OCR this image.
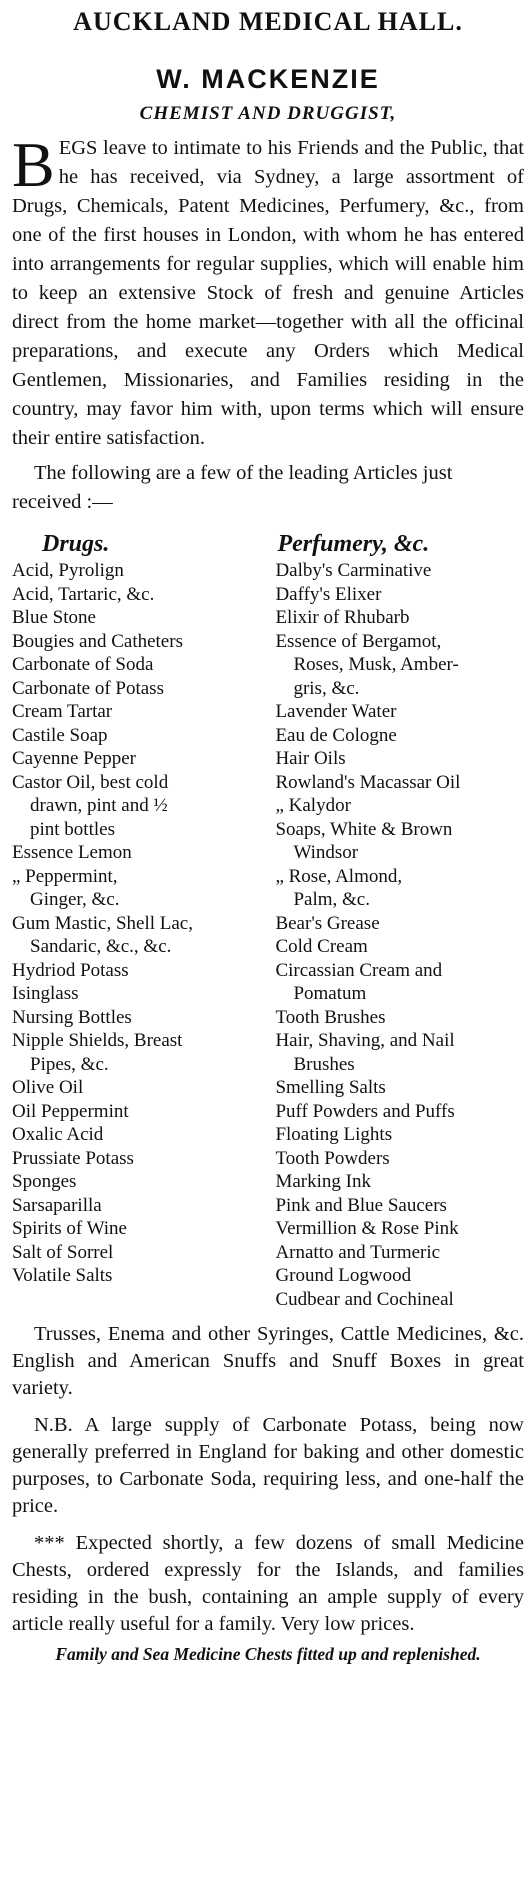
AUCKLAND MEDICAL HALL.
W. MACKENZIE
CHEMIST AND DRUGGIST,

BEGS leave to intimate to his Friends and the Public, that he has received, via Sydney, a large assortment of Drugs, Chemicals, Patent Medicines, Perfumery, &c., from one of the first houses in London, with whom he has entered into arrangements for regular supplies, which will enable him to keep an extensive Stock of fresh and genuine Articles direct from the home market—together with all the officinal preparations, and execute any Orders which Medical Gentlemen, Missionaries, and Families residing in the country, may favor him with, upon terms which will ensure their entire satisfaction.

The following are a few of the leading Articles just received :—

Drugs.
Acid, Pyrolign
Acid, Tartaric, &c.
Blue Stone
Bougies and Catheters
Carbonate of Soda
Carbonate of Potass
Cream Tartar
Castile Soap
Cayenne Pepper
Castor Oil, best cold
drawn, pint and ½
pint bottles
Essence Lemon
„ Peppermint,
Ginger, &c.
Gum Mastic, Shell Lac,
Sandaric, &c., &c.
Hydriod Potass
Isinglass
Nursing Bottles
Nipple Shields, Breast
Pipes, &c.
Olive Oil
Oil Peppermint
Oxalic Acid
Prussiate Potass
Sponges
Sarsaparilla
Spirits of Wine
Salt of Sorrel
Volatile Salts
Perfumery, &c.
Dalby's Carminative
Daffy's Elixer
Elixir of Rhubarb
Essence of Bergamot,
Roses, Musk, Amber-
gris, &c.
Lavender Water
Eau de Cologne
Hair Oils
Rowland's Macassar Oil
„ Kalydor
Soaps, White & Brown
Windsor
„ Rose, Almond,
Palm, &c.
Bear's Grease
Cold Cream
Circassian Cream and
Pomatum
Tooth Brushes
Hair, Shaving, and Nail
Brushes
Smelling Salts
Puff Powders and Puffs
Floating Lights
Tooth Powders
Marking Ink
Pink and Blue Saucers
Vermillion & Rose Pink
Arnatto and Turmeric
Ground Logwood
Cudbear and Cochineal

Trusses, Enema and other Syringes, Cattle Medicines, &c. English and American Snuffs and Snuff Boxes in great variety.

N.B. A large supply of Carbonate Potass, being now generally preferred in England for baking and other domestic purposes, to Carbonate Soda, requiring less, and one-half the price.

*** Expected shortly, a few dozens of small Medicine Chests, ordered expressly for the Islands, and families residing in the bush, containing an ample supply of every article really useful for a family. Very low prices.

Family and Sea Medicine Chests fitted up and replenished.
